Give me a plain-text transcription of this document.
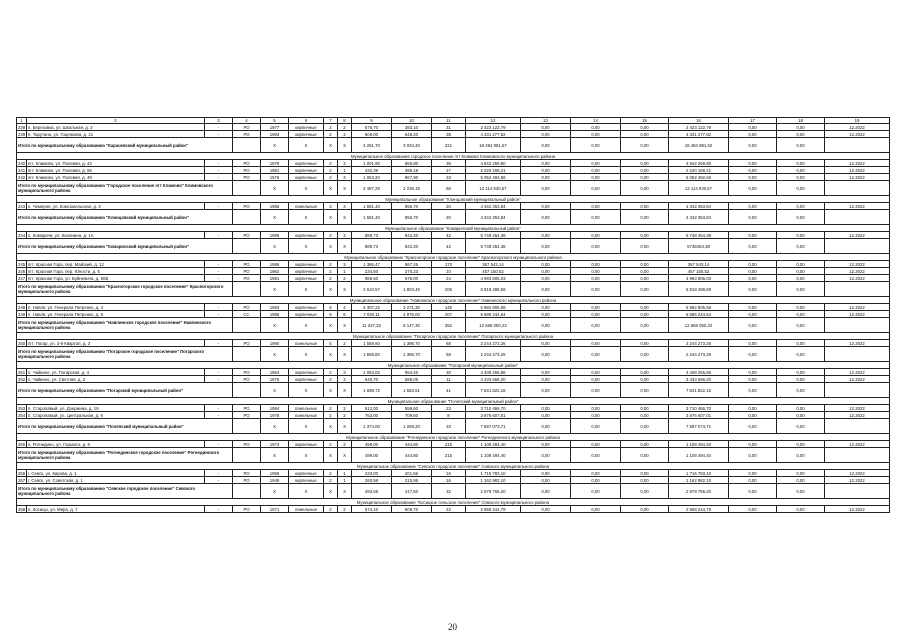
1	2	3	4	5	6	7	8	9	10	11	12	13	14	15	16	17	18	19
238	п. Березовка, ул. Школьная, д. 3	-	РО	1977	кирпичные	2	2	676,70	383,10	31	2 423 122,79	0,00	0,00	0,00	2 423 122,79	0,00	0,00	12.2022
239	п. Тарутино, ул. Гоценкова, д. 21	-	РО	1983	кирпичные	2	3	605,00	648,20	38	4 331 277,82	0,00	0,00	0,00	4 331 277,82	0,00	0,00	12.2022
Итого по муниципальному образованию "Карачевский муниципальный район"				X	X	X	X	4 281,70	3 034,40	221	18 494 981,67	0,00	0,00	0,00	18 494 981,62	0,00	0,00	
Муниципальное образование городское поселение пгт Климово Климовского муниципального района																		
240	пгт. Климово, ул. Полевая, д. 43	-	РО	1979	кирпичные	2	3	1 001,80	866,80	36	4 842 269,80	0,00	0,00	0,00	4 842 269,80	0,00	0,00	12.2022
241	пгт. Климово, ул. Полевая, д. 55	-	РО	1981	кирпичные	2	1	432,39	396,18	17	2 220 168,21	0,00	0,00	0,00	2 220 168,21	0,00	0,00	12.2022
242	пгт. Климово, ул. Полевая, д. 49	-	РО	1976	кирпичные	2	3	1 053,20	967,90	33	5 052 492,66	0,00	0,00	0,00	5 052 492,66	0,00	0,00	12.2022
Итого по муниципальному образованию "Городское поселение пгт Климово" Климовского муниципального района				X	X	X	X	2 487,29	2 235,19	86	12 114 930,67	0,00	0,00	0,00	12 114 930,67	0,00	0,00	
Муниципальное образование "Клинцовский муниципальный район"																		
243	п. Чемерня, ул. Комсомольская, д. 3	-	РО	1986	панельные	3	3	1 581,40	956,70	20	4 342 353,84	0,00	0,00	0,00	4 342 353,84	0,00	0,00	12.2022
Итого по муниципальному образованию "Клинцовский муниципальный район"				X	X	X	X	1 581,40	956,70	20	4 342 353,84	0,00	0,00	0,00	4 342 353,84	0,00	0,00	
Муниципальное образование "Комаричский муниципальный район"																		
244	п. Комаричи, ул. Калинина, д. 1А	-	РО	1989	кирпичные	2	3	889,73	842,20	42	5 748 454,38	0,00	0,00	0,00	5 748 454,38	0,00	0,00	12.2022
Итого по муниципальному образованию "Комаричский муниципальный район"				X	X	X	X	889,73	842,20	42	5 748 454,38	0,00	0,00	0,00	5748454,38	0,00	0,00	
Муниципальное образование "Красногорское городское поселение" Красногорского муниципального района																		
245	пгт. Красная Гора, пер. Майский, д. 12	-	РО	1986	кирпичные	2	3	1 386,47	867,26	172	367 543,14	0,00	0,00	0,00	367 543,14	0,00	0,00	12.2022
246	пгт. Красная Гора, пер. Юности, д. 6	-	РО	1962	кирпичные	2	1	234,50	270,23	10	457 150,52	0,00	0,00	0,00	457 150,52	0,00	0,00	12.2022
247	пгт. Красная Гора, ул. Буйневича, д. 50Б	-	РО	1991	кирпичные	2	2	989,60	676,00	24	4 993 805,03	0,00	0,00	0,00	4 993 805,03	0,00	0,00	12.2022
Итого по муниципальному образованию "Красногорское городское поселение" Красногорского муниципального района				X	X	X	X	2 610,57	1 803,49	206	5 818 498,69	0,00	0,00	0,00	5 818 498,69	0,00	0,00	
Муниципальное образование "Навлинское городское поселение" Навлинского муниципального района																		
248	п. Навля, ул. Генерала Петренко, д. 4	-	РО	1983	кирпичные	5	4	4 307,22	3 271,30	145	5 982 805,58	0,00	0,00	0,00	5 982 805,58	0,00	0,00	12.2022
249	п. Навля, ул. Генерала Петренко, д. 8	-	СС	1986	кирпичные	5	8	7 030,11	4 876,00	207	6 685 244,64	0,00	0,00	0,00	6 685 244,64	0,00	0,00	12.2022
Итого по муниципальному образованию "Навлинское городское поселение" Навлинского муниципального района				X	X	X	X	11 337,33	8 147,30	352	12 668 050,22	0,00	0,00	0,00	12 668 050,22	0,00	0,00	
Муниципальное образование "Погарское городское поселение" Погарского муниципального района																		
250	пгт. Погар, ул. 2-й Квартал, д. 3	-	РО	1990	панельные	5	2	1 559,60	1 396,70	68	2 244 273,26	0,00	0,00	0,00	2 244 273,26	0,00	0,00	12.2022
Итого по муниципальному образованию "Погарское городское поселение" Погарского муниципального района				X	X	X	X	1 559,60	1 396,70	68	2 244 273,26	0,00	0,00	0,00	2 244 273,26	0,00	0,00	
Муниципальное образование "Погарский муниципальный район"																		
251	п. Чайкино, ул. Погарская, д. 4	-	РО	1963	кирпичные	2	3	1 053,02	954,46	30	4 408 255,86	0,00	0,00	0,00	4 408 255,86	0,00	0,00	12.2022
252	п. Чайкино, ул. Светлая, д. 2	-	РО	1975	кирпичные	2	3	645,70	589,05	11	3 433 566,20	0,00	0,00	0,00	3 433 566,20	0,00	0,00	12.2022
Итого по муниципальному образованию "Погарский муниципальный район"				X	X	X	X	1 698,72	1 553,51	41	7 841 822,16	0,00	0,00	0,00	7 841 822,16	0,00	0,00	
Муниципальное образование "Почепский муниципальный район"																		
253	п. Старопавый, ул. Дзержина, д. 19	-	РО	1984	панельные	2	2	612,00	559,60	23	3 710 466,70	0,00	0,00	0,00	3 710 466,70	0,00	0,00	12.2022
254	п. Старопавый, ул. Центральная, д. 9	-	РО	1978	панельные	2	2	762,00	709,60	8	3 876 607,01	0,00	0,00	0,00	3 876 607,01	0,00	0,00	12.2022
Итого по муниципальному образованию "Почепский муниципальный район"				X	X	X	X	1 374,00	1 269,20	33	7 587 073,71	0,00	0,00	0,00	7 587 073,71	0,00	0,00	
Муниципальное образование "Рогнединское городское поселение" Рогнединского муниципального района																		
255	п. Рогнедино, ул. Горького, д. 8	-	РО	1973	кирпичные	2	2	499,00	444,80	215	1 108 494,40	0,00	0,00	0,00	1 108 494,40	0,00	0,00	12.2022
Итого по муниципальному образованию "Рогнединское городское поселение" Рогнединского муниципального района				X	X	X	X	499,00	444,80	215	1 108 494,40	0,00	0,00	0,00	1 108 494,40	0,00	0,00	
Муниципальное образование "Севское городское поселение" Севского муниципального района																		
256	г. Севск, ул. Кирова, д. 1	-	РО	1968	кирпичные	2	1	233,00	201,56	16	1 716 783,10	0,00	0,00	0,00	1 716 783,10	0,00	0,00	12.2022
257	г. Севск, ул. Советская, д. 1	-	РО	1949	кирпичные	2	1	260,58	215,86	16	1 162 982,10	0,00	0,00	0,00	1 162 982,10	0,00	0,00	12.2022
Итого по муниципальному образованию "Севское городское поселение" Севского муниципального района				X	X	X	X	493,58	417,50	32	2 879 765,20	0,00	0,00	0,00	2 879 765,20	0,00	0,00	
Муниципальное образование "Косицкое сельское поселение" Севского муниципального района																		
258	п. Косицы, ул. Мира, д. 7	-	РО	1971	панельные	2	2	574,10	509,70	22	2 558 244,79	0,00	0,00	0,00	2 558 244,79	0,00	0,00	12.2022
20
